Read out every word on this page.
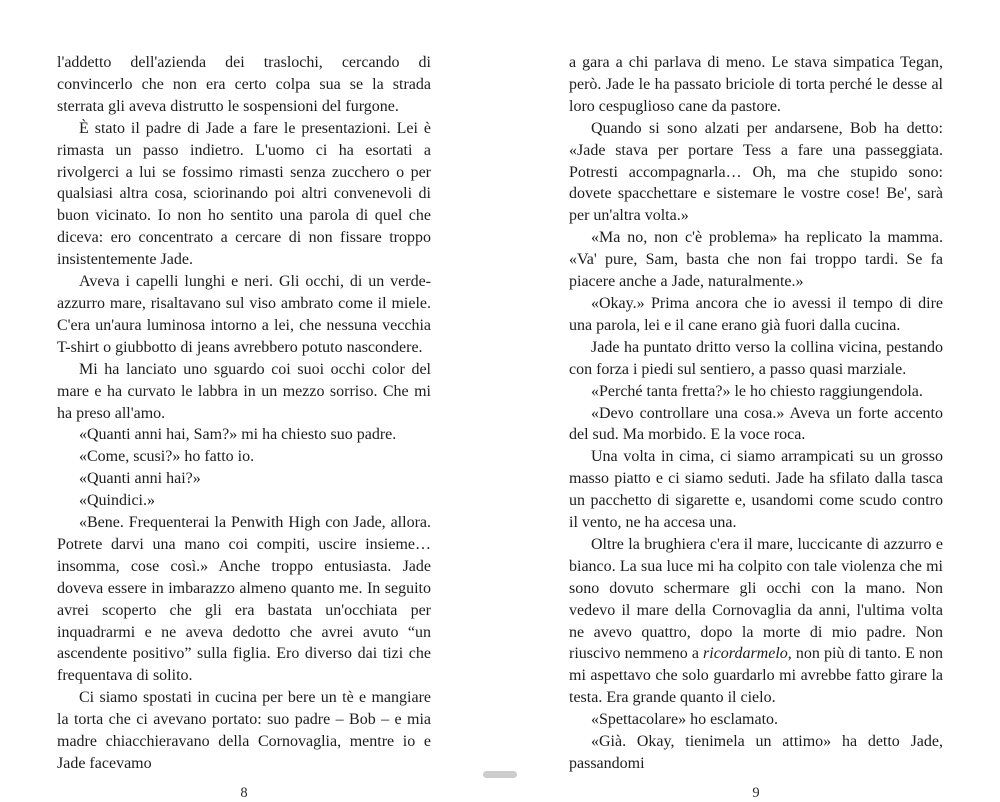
l'addetto dell'azienda dei traslochi, cercando di convincerlo che non era certo colpa sua se la strada sterrata gli aveva distrutto le sospensioni del furgone.

È stato il padre di Jade a fare le presentazioni. Lei è rimasta un passo indietro. L'uomo ci ha esortati a rivolgerci a lui se fossimo rimasti senza zucchero o per qualsiasi altra cosa, sciorinando poi altri convenevoli di buon vicinato. Io non ho sentito una parola di quel che diceva: ero concentrato a cercare di non fissare troppo insistentemente Jade.

Aveva i capelli lunghi e neri. Gli occhi, di un verde-azzurro mare, risaltavano sul viso ambrato come il miele. C'era un'aura luminosa intorno a lei, che nessuna vecchia T-shirt o giubbotto di jeans avrebbero potuto nascondere.

Mi ha lanciato uno sguardo coi suoi occhi color del mare e ha curvato le labbra in un mezzo sorriso. Che mi ha preso all'amo.

«Quanti anni hai, Sam?» mi ha chiesto suo padre.

«Come, scusi?» ho fatto io.

«Quanti anni hai?»

«Quindici.»

«Bene. Frequenterai la Penwith High con Jade, allora. Potrete darvi una mano coi compiti, uscire insieme… insomma, cose così.» Anche troppo entusiasta. Jade doveva essere in imbarazzo almeno quanto me. In seguito avrei scoperto che gli era bastata un'occhiata per inquadrarmi e ne aveva dedotto che avrei avuto “un ascendente positivo” sulla figlia. Ero diverso dai tizi che frequentava di solito.

Ci siamo spostati in cucina per bere un tè e mangiare la torta che ci avevano portato: suo padre – Bob – e mia madre chiacchieravano della Cornovaglia, mentre io e Jade facevamo

8

a gara a chi parlava di meno. Le stava simpatica Tegan, però. Jade le ha passato briciole di torta perché le desse al loro cespuglioso cane da pastore.

Quando si sono alzati per andarsene, Bob ha detto: «Jade stava per portare Tess a fare una passeggiata. Potresti accompagnarla… Oh, ma che stupido sono: dovete spacchettare e sistemare le vostre cose! Be', sarà per un'altra volta.»

«Ma no, non c'è problema» ha replicato la mamma. «Va' pure, Sam, basta che non fai troppo tardi. Se fa piacere anche a Jade, naturalmente.»

«Okay.» Prima ancora che io avessi il tempo di dire una parola, lei e il cane erano già fuori dalla cucina.

Jade ha puntato dritto verso la collina vicina, pestando con forza i piedi sul sentiero, a passo quasi marziale.

«Perché tanta fretta?» le ho chiesto raggiungendola.

«Devo controllare una cosa.» Aveva un forte accento del sud. Ma morbido. E la voce roca.

Una volta in cima, ci siamo arrampicati su un grosso masso piatto e ci siamo seduti. Jade ha sfilato dalla tasca un pacchetto di sigarette e, usandomi come scudo contro il vento, ne ha accesa una.

Oltre la brughiera c'era il mare, luccicante di azzurro e bianco. La sua luce mi ha colpito con tale violenza che mi sono dovuto schermare gli occhi con la mano. Non vedevo il mare della Cornovaglia da anni, l'ultima volta ne avevo quattro, dopo la morte di mio padre. Non riuscivo nemmeno a ricordarmelo, non più di tanto. E non mi aspettavo che solo guardarlo mi avrebbe fatto girare la testa. Era grande quanto il cielo.

«Spettacolare» ho esclamato.

«Già. Okay, tienimela un attimo» ha detto Jade, passandomi

9
